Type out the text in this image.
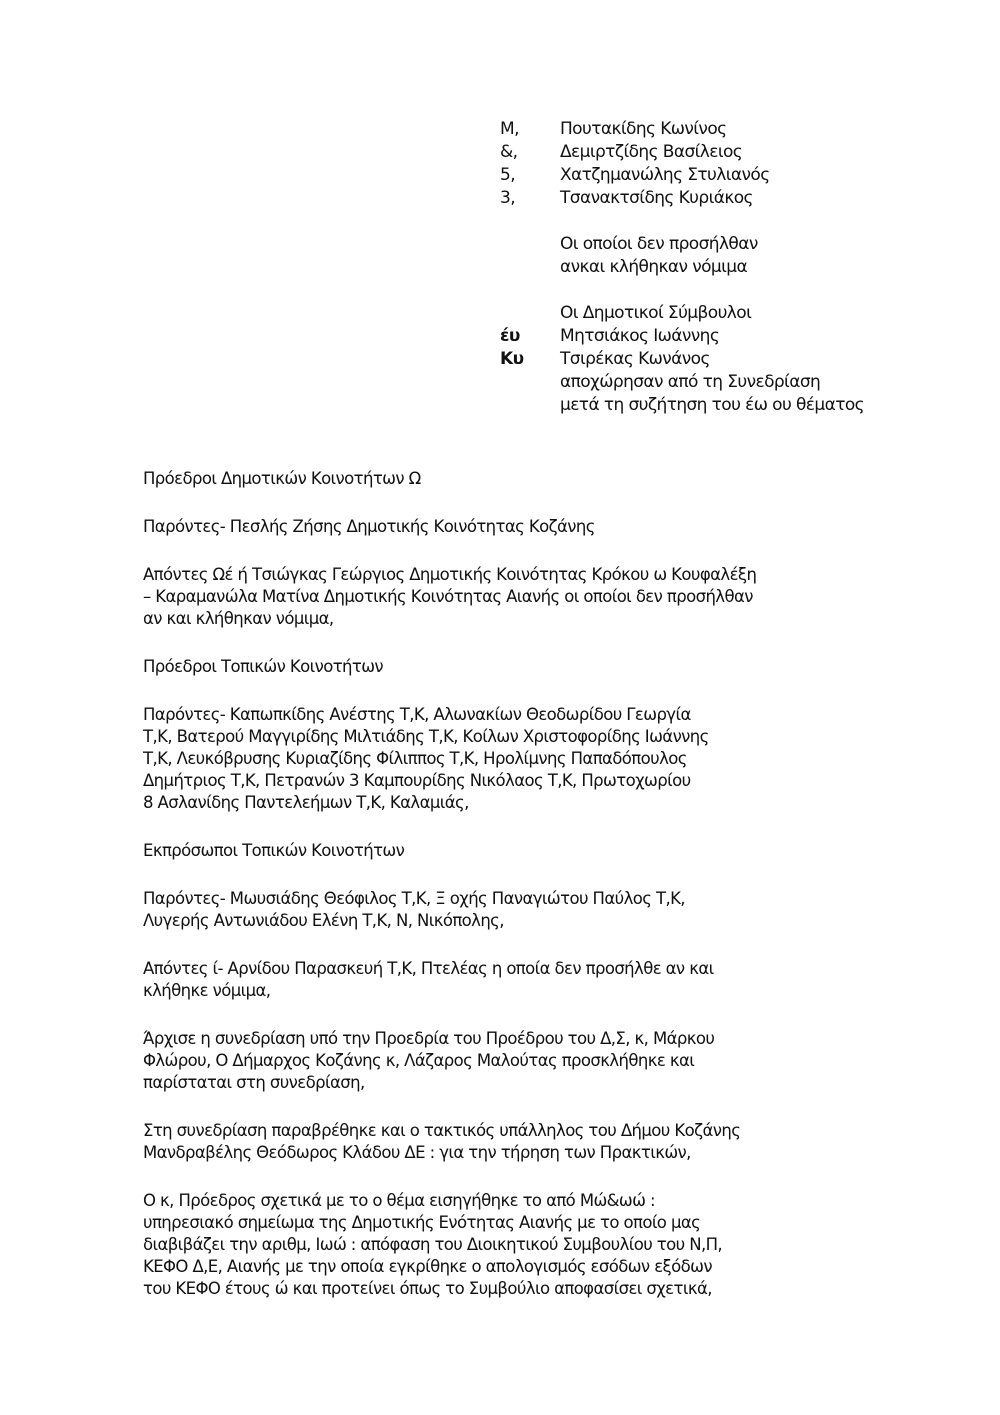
Μ,	Πουτακίδης Κωνίνος
&,	Δεμιρτζίδης Βασίλειος
5,	Χατζημανώλης Στυλιανός
3,	Τσανακτσίδης Κυριάκος
Οι οποίοι δεν προσήλθαν
ανκαι κλήθηκαν νόμιμα
Οι Δημοτικοί Σύμβουλοι
έυ	Μητσιάκος Ιωάννης
Κυ	Τσιρέκας Κωνάνος
αποχώρησαν από τη Συνεδρίαση
μετά τη συζήτηση του έω ου θέματος

Πρόεδροι Δημοτικών Κοινοτήτων Ω

Παρόντες- Πεσλής Ζήσης Δημοτικής Κοινότητας Κοζάνης

Απόντες Ωέ ή Τσιώγκας Γεώργιος Δημοτικής Κοινότητας Κρόκου ω Κουφαλέξη
– Καραμανώλα Ματίνα Δημοτικής Κοινότητας Αιανής οι οποίοι δεν προσήλθαν
αν και κλήθηκαν νόμιμα,

Πρόεδροι Τοπικών Κοινοτήτων

Παρόντες- Καπωπκίδης Ανέστης Τ,Κ, Αλωνακίων Θεοδωρίδου Γεωργία
Τ,Κ, Βατερού Μαγγιρίδης Μιλτιάδης Τ,Κ, Κοίλων Χριστοφορίδης Ιωάννης
Τ,Κ, Λευκόβρυσης Κυριαζίδης Φίλιππος Τ,Κ, Ηρολίμνης Παπαδόπουλος
Δημήτριος Τ,Κ, Πετρανών 3 Καμπουρίδης Νικόλαος Τ,Κ, Πρωτοχωρίου
8 Ασλανίδης Παντελεήμων Τ,Κ, Καλαμιάς,

Εκπρόσωποι Τοπικών Κοινοτήτων

Παρόντες- Μωυσιάδης Θεόφιλος Τ,Κ, Ξ οχής Παναγιώτου Παύλος Τ,Κ,
Λυγερής Αντωνιάδου Ελένη Τ,Κ, Ν, Νικόπολης,

Απόντες ί- Αρνίδου Παρασκευή Τ,Κ, Πτελέας η οποία δεν προσήλθε αν και
κλήθηκε νόμιμα,

Άρχισε η συνεδρίαση υπό την Προεδρία του Προέδρου του Δ,Σ, κ, Μάρκου
Φλώρου, Ο Δήμαρχος Κοζάνης κ, Λάζαρος Μαλούτας προσκλήθηκε και
παρίσταται στη συνεδρίαση,

Στη συνεδρίαση παραβρέθηκε και ο τακτικός υπάλληλος του Δήμου Κοζάνης
Μανδραβέλης Θεόδωρος Κλάδου ΔΕ : για την τήρηση των Πρακτικών,

Ο κ, Πρόεδρος σχετικά με το ο θέμα εισηγήθηκε το από Μώ&ωώ :
υπηρεσιακό σημείωμα της Δημοτικής Ενότητας Αιανής με το οποίο μας
διαβιβάζει την αριθμ, Ιωώ : απόφαση του Διοικητικού Συμβουλίου του Ν,Π,
ΚΕΦΟ Δ,Ε, Αιανής με την οποία εγκρίθηκε ο απολογισμός εσόδων εξόδων
του ΚΕΦΟ έτους ώ και προτείνει όπως το Συμβούλιο αποφασίσει σχετικά,
